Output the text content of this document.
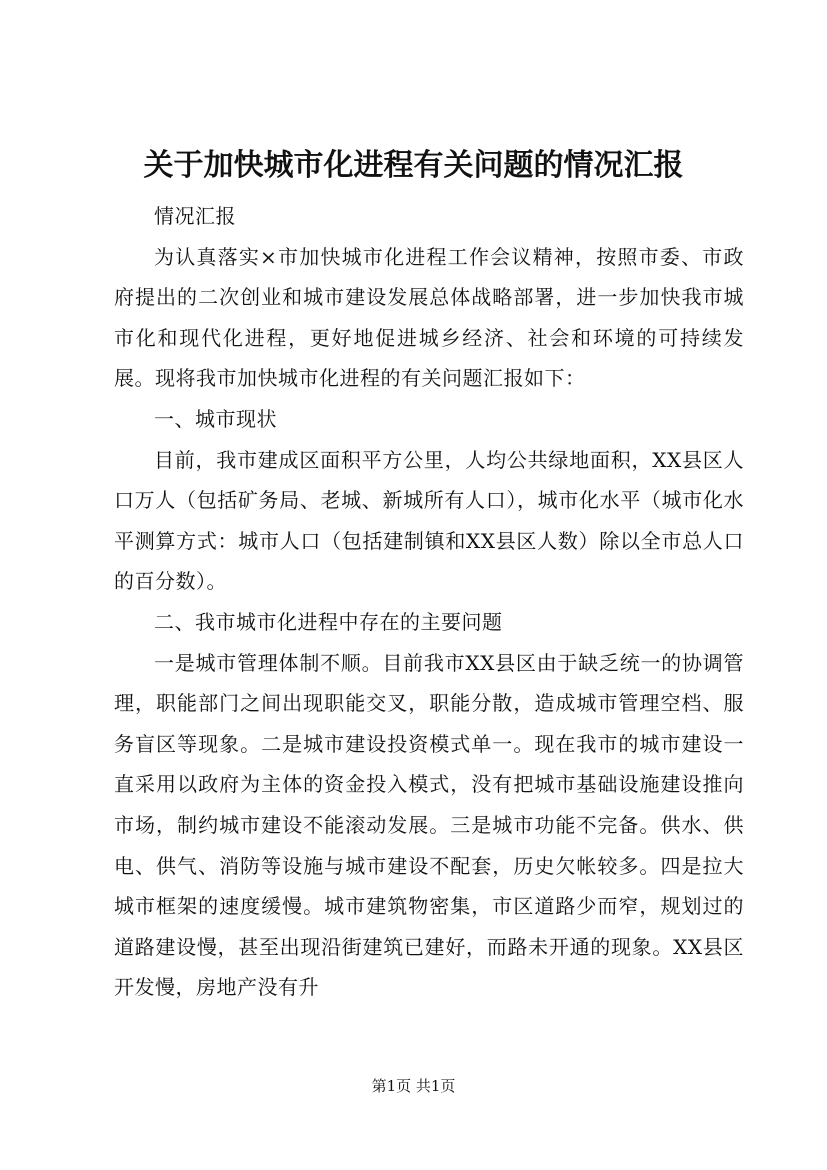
关于加快城市化进程有关问题的情况汇报

情况汇报

为认真落实×市加快城市化进程工作会议精神，按照市委、市政府提出的二次创业和城市建设发展总体战略部署，进一步加快我市城市化和现代化进程，更好地促进城乡经济、社会和环境的可持续发展。现将我市加快城市化进程的有关问题汇报如下：

一、城市现状

目前，我市建成区面积平方公里，人均公共绿地面积，XX县区人口万人（包括矿务局、老城、新城所有人口），城市化水平（城市化水平测算方式：城市人口（包括建制镇和XX县区人数）除以全市总人口的百分数）。

二、我市城市化进程中存在的主要问题

一是城市管理体制不顺。目前我市XX县区由于缺乏统一的协调管理，职能部门之间出现职能交叉，职能分散，造成城市管理空档、服务盲区等现象。二是城市建设投资模式单一。现在我市的城市建设一直采用以政府为主体的资金投入模式，没有把城市基础设施建设推向市场，制约城市建设不能滚动发展。三是城市功能不完备。供水、供电、供气、消防等设施与城市建设不配套，历史欠帐较多。四是拉大城市框架的速度缓慢。城市建筑物密集，市区道路少而窄，规划过的道路建设慢，甚至出现沿街建筑已建好，而路未开通的现象。XX县区开发慢，房地产没有升

第1页 共1页
